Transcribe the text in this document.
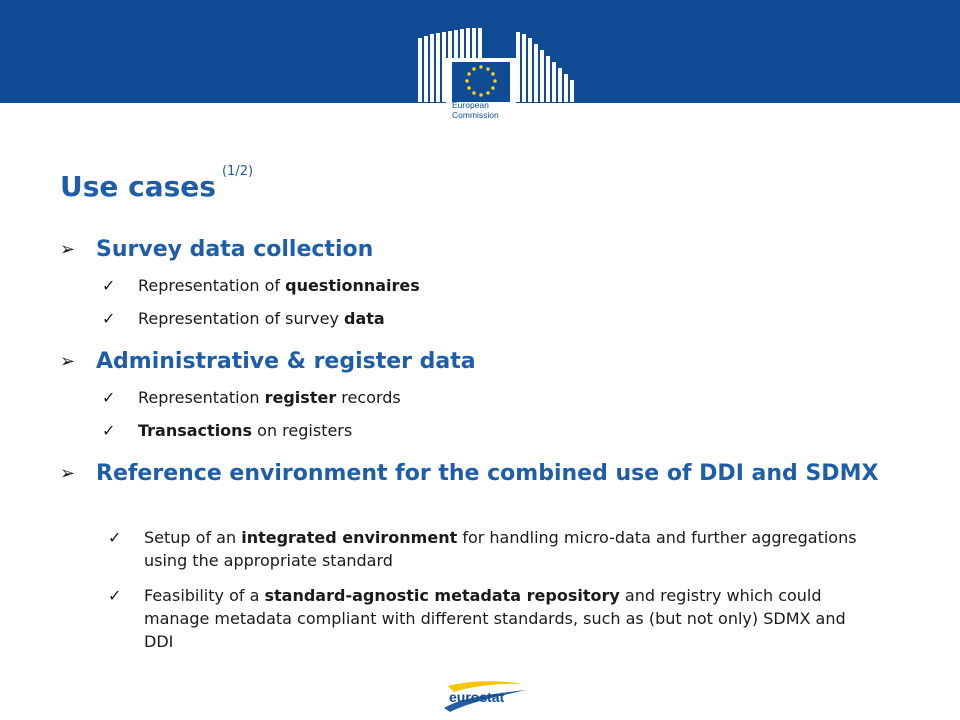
European
Commission
Use cases $^{(1/2)}$
➢ Survey data collection
✓ Representation of questionnaires
✓ Representation of survey data
➢ Administrative & register data
✓ Representation register records
✓ Transactions on registers
➢ Reference environment for the combined use of DDI and SDMX
✓ Setup of an integrated environment for handling micro-data and further aggregations using the appropriate standard
✓ Feasibility of a standard-agnostic metadata repository and registry which could manage metadata compliant with different standards, such as (but not only) SDMX and DDI
eurostat
